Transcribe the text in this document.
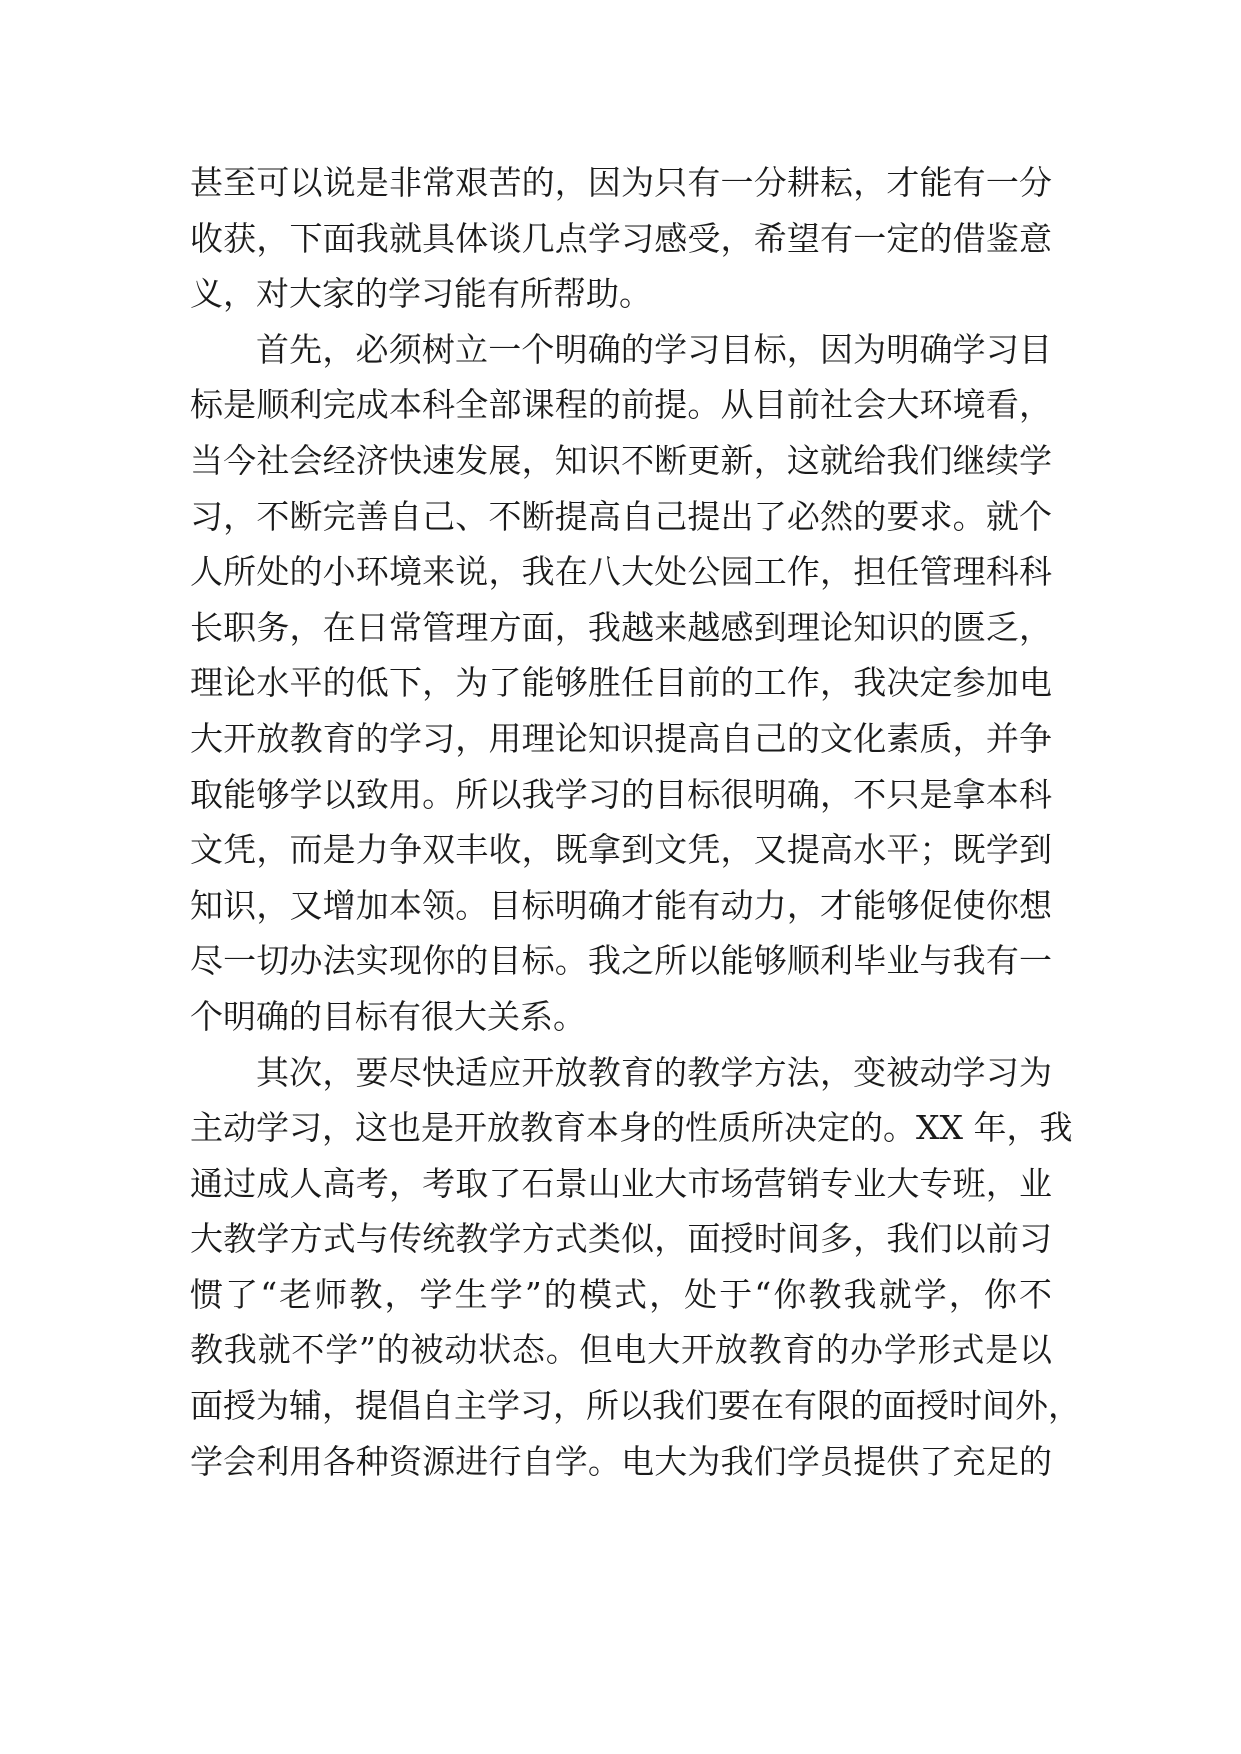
甚至可以说是非常艰苦的，因为只有一分耕耘，才能有一分
收获，下面我就具体谈几点学习感受，希望有一定的借鉴意
义，对大家的学习能有所帮助。
首先，必须树立一个明确的学习目标，因为明确学习目
标是顺利完成本科全部课程的前提。从目前社会大环境看，
当今社会经济快速发展，知识不断更新，这就给我们继续学
习，不断完善自己、不断提高自己提出了必然的要求。就个
人所处的小环境来说，我在八大处公园工作，担任管理科科
长职务，在日常管理方面，我越来越感到理论知识的匮乏，
理论水平的低下，为了能够胜任目前的工作，我决定参加电
大开放教育的学习，用理论知识提高自己的文化素质，并争
取能够学以致用。所以我学习的目标很明确，不只是拿本科
文凭，而是力争双丰收，既拿到文凭，又提高水平；既学到
知识，又增加本领。目标明确才能有动力，才能够促使你想
尽一切办法实现你的目标。我之所以能够顺利毕业与我有一
个明确的目标有很大关系。
其次，要尽快适应开放教育的教学方法，变被动学习为
主动学习，这也是开放教育本身的性质所决定的。XX 年，我
通过成人高考，考取了石景山业大市场营销专业大专班，业
大教学方式与传统教学方式类似，面授时间多，我们以前习
惯了“老师教，学生学”的模式，处于“你教我就学，你不
教我就不学”的被动状态。但电大开放教育的办学形式是以
面授为辅，提倡自主学习，所以我们要在有限的面授时间外，
学会利用各种资源进行自学。电大为我们学员提供了充足的
